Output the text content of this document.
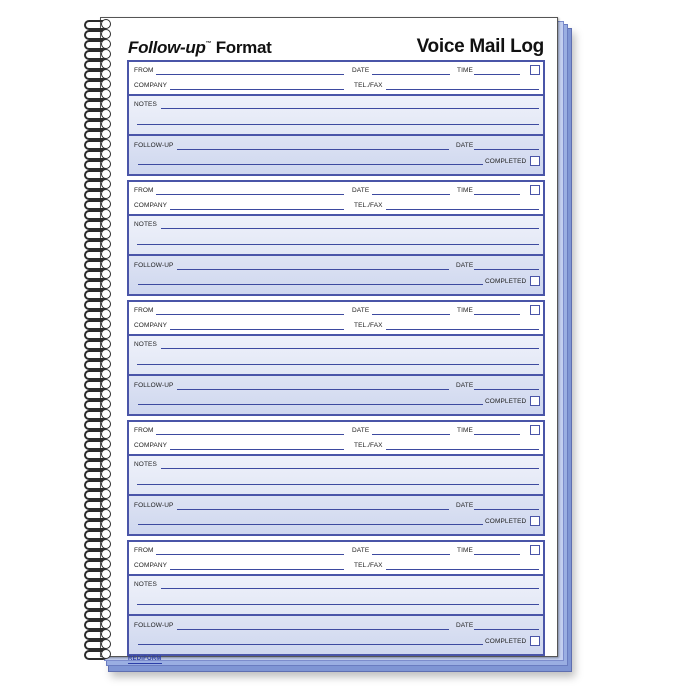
Follow-up™ Format	Voice Mail Log
FROM	DATE	TIME
COMPANY	TEL./FAX
NOTES
FOLLOW-UP	DATE
COMPLETED
FROM	DATE	TIME
COMPANY	TEL./FAX
NOTES
FOLLOW-UP	DATE
COMPLETED
FROM	DATE	TIME
COMPANY	TEL./FAX
NOTES
FOLLOW-UP	DATE
COMPLETED
FROM	DATE	TIME
COMPANY	TEL./FAX
NOTES
FOLLOW-UP	DATE
COMPLETED
FROM	DATE	TIME
COMPANY	TEL./FAX
NOTES
FOLLOW-UP	DATE
COMPLETED
REDIFORM
